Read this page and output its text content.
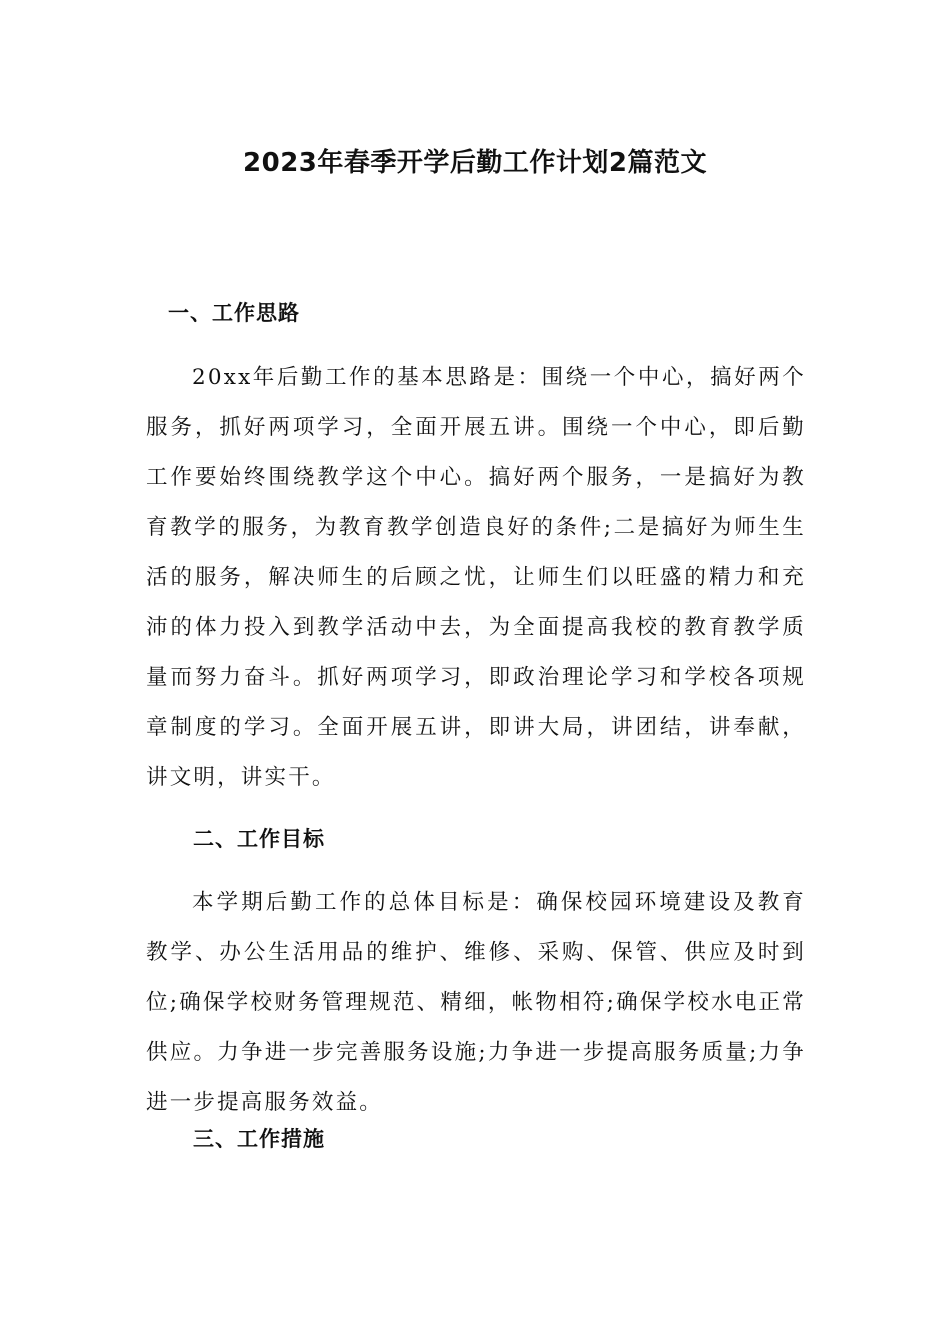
2023年春季开学后勤工作计划2篇范文
一、工作思路
20xx年后勤工作的基本思路是：围绕一个中心，搞好两个服务，抓好两项学习，全面开展五讲。围绕一个中心，即后勤工作要始终围绕教学这个中心。搞好两个服务，一是搞好为教育教学的服务，为教育教学创造良好的条件;二是搞好为师生生活的服务，解决师生的后顾之忧，让师生们以旺盛的精力和充沛的体力投入到教学活动中去，为全面提高我校的教育教学质量而努力奋斗。抓好两项学习，即政治理论学习和学校各项规章制度的学习。全面开展五讲，即讲大局，讲团结，讲奉献，讲文明，讲实干。
二、工作目标
本学期后勤工作的总体目标是：确保校园环境建设及教育教学、办公生活用品的维护、维修、采购、保管、供应及时到位;确保学校财务管理规范、精细，帐物相符;确保学校水电正常供应。力争进一步完善服务设施;力争进一步提高服务质量;力争进一步提高服务效益。
三、工作措施
